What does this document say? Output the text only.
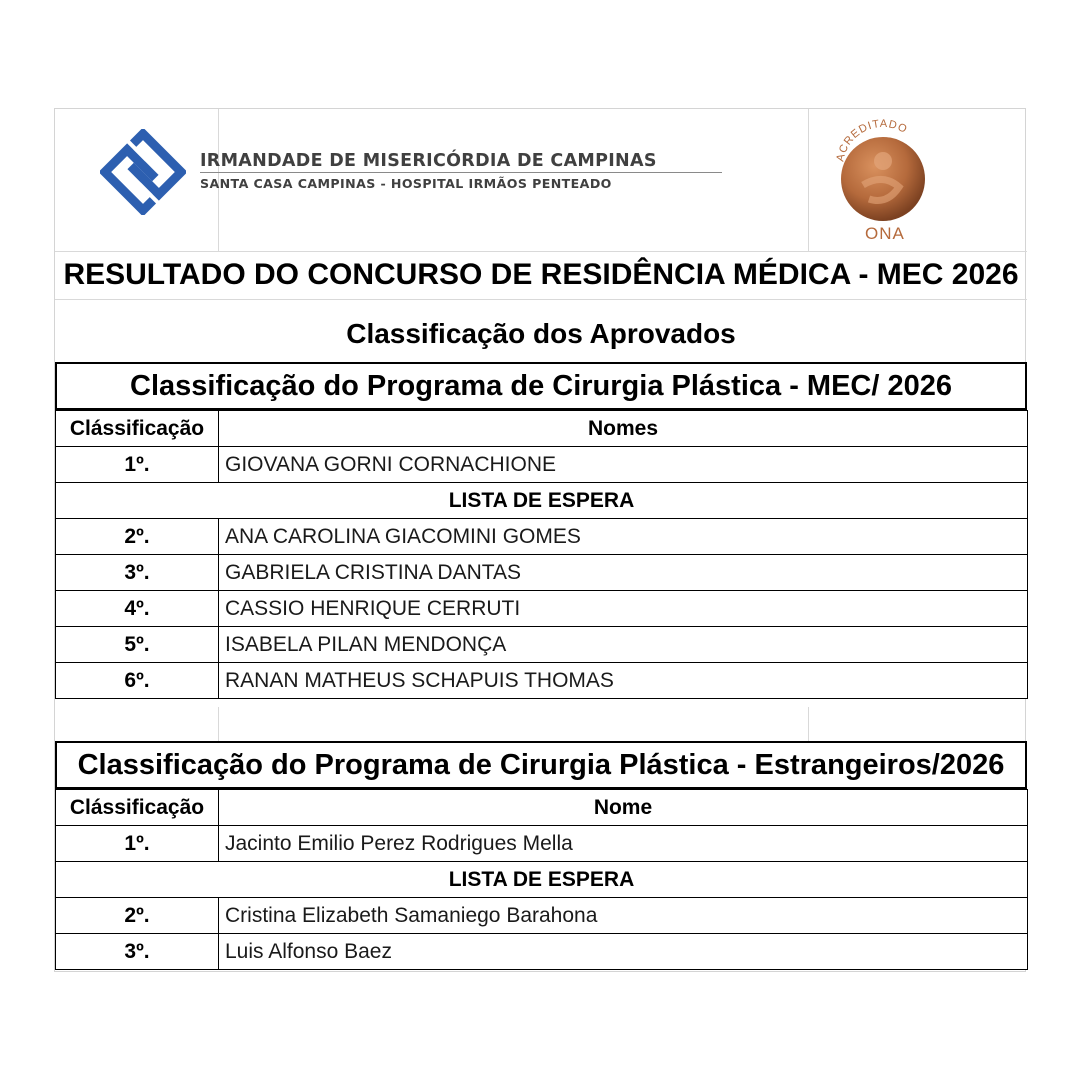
IRMANDADE DE MISERICÓRDIA DE CAMPINAS
SANTA CASA CAMPINAS - HOSPITAL IRMÃOS PENTEADO
ACREDITADO
ONA
RESULTADO DO CONCURSO DE RESIDÊNCIA MÉDICA - MEC 2026
Classificação dos Aprovados
Classificação do Programa de Cirurgia Plástica - MEC/ 2026
Clássificação	Nomes
1º.	GIOVANA GORNI CORNACHIONE
LISTA DE ESPERA	
2º.	ANA CAROLINA GIACOMINI GOMES
3º.	GABRIELA CRISTINA DANTAS
4º.	CASSIO HENRIQUE CERRUTI
5º.	ISABELA PILAN MENDONÇA
6º.	RANAN MATHEUS SCHAPUIS THOMAS
Classificação do Programa de Cirurgia Plástica - Estrangeiros/2026
Clássificação	Nome
1º.	Jacinto Emilio Perez Rodrigues Mella
LISTA DE ESPERA	
2º.	Cristina Elizabeth Samaniego Barahona
3º.	Luis Alfonso Baez
